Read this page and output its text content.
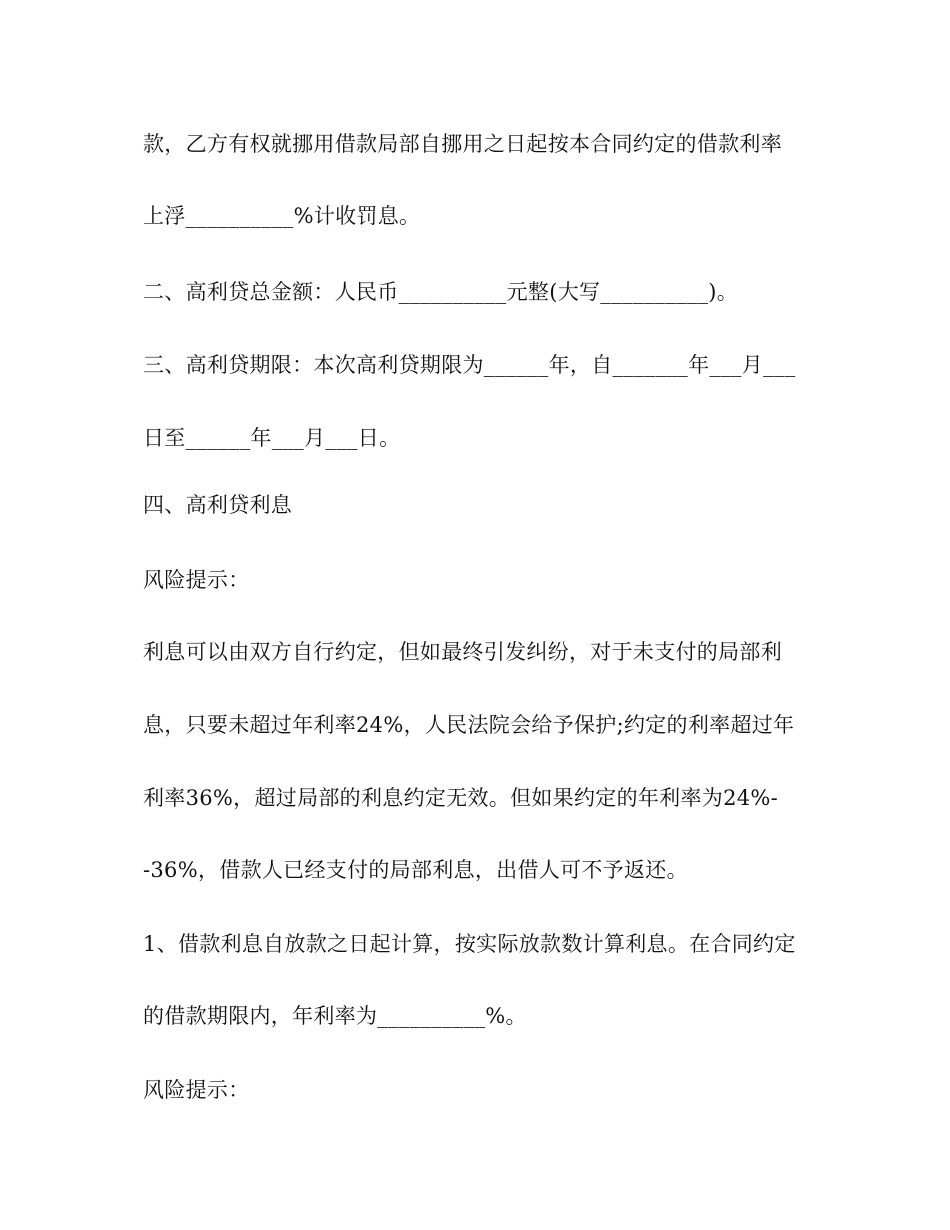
款，乙方有权就挪用借款局部自挪用之日起按本合同约定的借款利率
上浮__________%计收罚息。
二、高利贷总金额：人民币__________元整(大写__________)。
三、高利贷期限：本次高利贷期限为______年，自_______年___月___
日至______年___月___日。
四、高利贷利息
风险提示：
利息可以由双方自行约定，但如最终引发纠纷，对于未支付的局部利
息，只要未超过年利率24%，人民法院会给予保护;约定的利率超过年
利率36%，超过局部的利息约定无效。但如果约定的年利率为24%-
-36%，借款人已经支付的局部利息，出借人可不予返还。
1、借款利息自放款之日起计算，按实际放款数计算利息。在合同约定
的借款期限内，年利率为__________%。
风险提示：
